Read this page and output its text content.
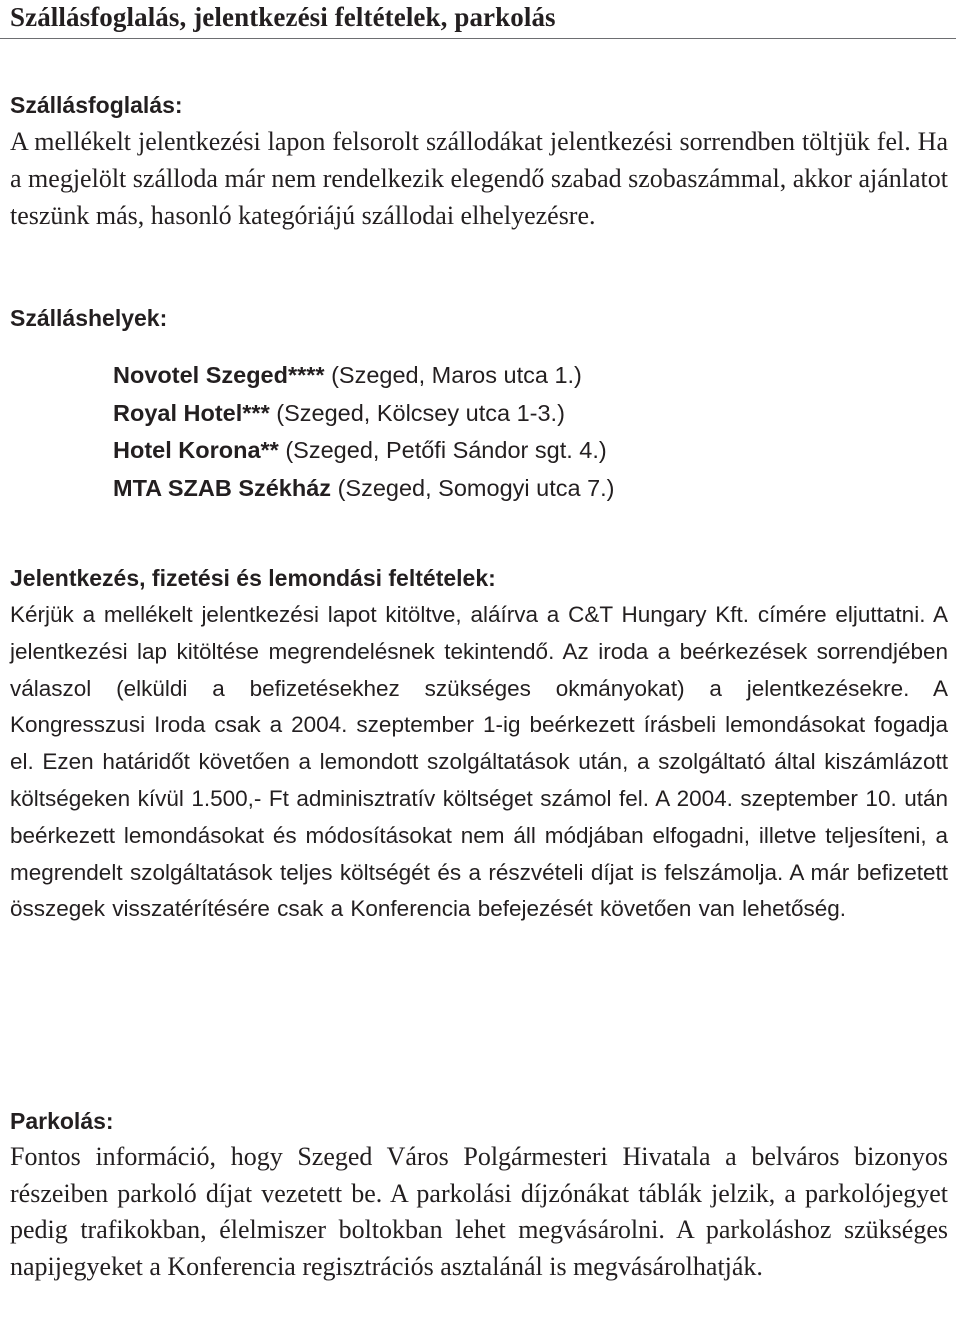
Szállásfoglalás, jelentkezési feltételek, parkolás
Szállásfoglalás:

A mellékelt jelentkezési lapon felsorolt szállodákat jelentkezési sorrendben töltjük fel. Ha a megjelölt szálloda már nem rendelkezik elegendő szabad szobaszámmal, akkor ajánlatot teszünk más, hasonló kategóriájú szállodai elhelyezésre.

Szálláshelyek:
Novotel Szeged**** (Szeged, Maros utca 1.)
Royal Hotel*** (Szeged, Kölcsey utca 1-3.)
Hotel Korona** (Szeged, Petőfi Sándor sgt. 4.)
MTA SZAB Székház (Szeged, Somogyi utca 7.)
Jelentkezés, fizetési és lemondási feltételek:

Kérjük a mellékelt jelentkezési lapot kitöltve, aláírva a C&T Hungary Kft. címére eljuttatni. A jelentkezési lap kitöltése megrendelésnek tekintendő. Az iroda a beérkezések sorrendjében válaszol (elküldi a befizetésekhez szükséges okmányokat) a jelentkezésekre. A Kongresszusi Iroda csak a 2004. szeptember 1-ig beérkezett írásbeli lemondásokat fogadja el. Ezen határidőt követően a lemondott szolgáltatások után, a szolgáltató által kiszámlázott költségeken kívül 1.500,- Ft adminisztratív költséget számol fel. A 2004. szeptember 10. után beérkezett lemondásokat és módosításokat nem áll módjában elfogadni, illetve teljesíteni, a megrendelt szolgáltatások teljes költségét és a részvételi díjat is felszámolja. A már befizetett összegek visszatérítésére csak a Konferencia befejezését követően van lehetőség.

Parkolás:

Fontos információ, hogy Szeged Város Polgármesteri Hivatala a belváros bizonyos részeiben parkoló díjat vezetett be. A parkolási díjzónákat táblák jelzik, a parkolójegyet pedig trafikokban, élelmiszer boltokban lehet megvásárolni. A parkoláshoz szükséges napijegyeket a Konferencia regisztrációs asztalánál is megvásárolhatják.
